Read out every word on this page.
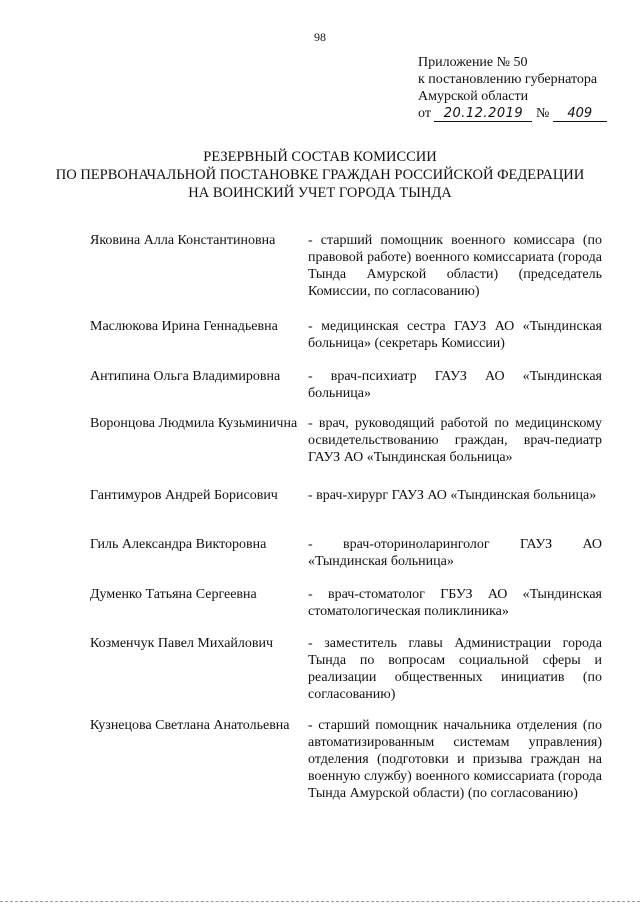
98
Приложение № 50
к постановлению губернатора
Амурской области
от 20.12.2019 № 409
РЕЗЕРВНЫЙ СОСТАВ КОМИССИИ
ПО ПЕРВОНАЧАЛЬНОЙ ПОСТАНОВКЕ ГРАЖДАН РОССИЙСКОЙ ФЕДЕРАЦИИ
НА ВОИНСКИЙ УЧЕТ ГОРОДА ТЫНДА
Яковина Алла Константиновна	- старший помощник военного комиссара (по правовой работе) военного комиссариата (города Тында Амурской области) (председатель Комиссии, по согласованию)
Маслюкова Ирина Геннадьевна	- медицинская сестра ГАУЗ АО «Тындинская больница» (секретарь Комиссии)
Антипина Ольга Владимировна	- врач-психиатр ГАУЗ АО «Тындинская больница»
Воронцова Людмила Кузьминична - врач, руководящий работой по медицинскому освидетельствованию граждан, врач-педиатр ГАУЗ АО «Тындинская больница»
Гантимуров Андрей Борисович	- врач-хирург ГАУЗ АО «Тындинская больница»
Гиль Александра Викторовна	- врач-оториноларинголог ГАУЗ АО «Тындинская больница»
Думенко Татьяна Сергеевна	- врач-стоматолог ГБУЗ АО «Тындинская стоматологическая поликлиника»
Козменчук Павел Михайлович	- заместитель главы Администрации города Тында по вопросам социальной сферы и реализации общественных инициатив (по согласованию)
Кузнецова Светлана Анатольевна	- старший помощник начальника отделения (по автоматизированным системам управления) отделения (подготовки и призыва граждан на военную службу) военного комиссариата (города Тында Амурской области) (по согласованию)
